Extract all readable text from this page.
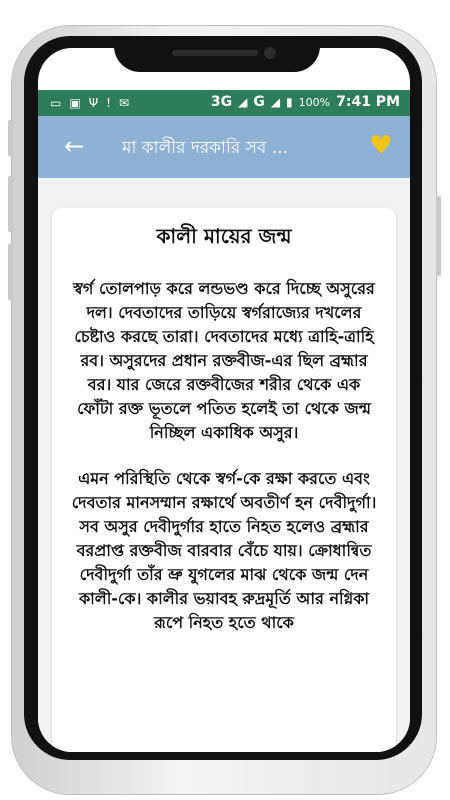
▭ ▣ Ψ ! ✉	3G ◢ G ◢ ▮ 100% 7:41 PM
← মা কালীর দরকারি সব ...	♥
কালী মায়ের জন্ম

স্বর্গ তোলপাড় করে লন্ডভণ্ড করে দিচ্ছে অসুরের দল। দেবতাদের তাড়িয়ে স্বর্গরাজ্যের দখলের চেষ্টাও করছে তারা। দেবতাদের মধ্যে ত্রাহি-ত্রাহি রব। অসুরদের প্রধান রক্তবীজ-এর ছিল ব্রহ্মার বর। যার জেরে রক্তবীজের শরীর থেকে এক ফোঁটা রক্ত ভূতলে পতিত হলেই তা থেকে জন্ম নিচ্ছিল একাধিক অসুর।

এমন পরিস্থিতি থেকে স্বর্গ-কে রক্ষা করতে এবং দেবতার মানসম্মান রক্ষার্থে অবতীর্ণ হন দেবীদুর্গা। সব অসুর দেবীদুর্গার হাতে নিহত হলেও ব্রহ্মার বরপ্রাপ্ত রক্তবীজ বারবার বেঁচে যায়। ক্রোধান্বিত দেবীদুর্গা তাঁর ভ্রু যুগলের মাঝ থেকে জন্ম দেন কালী-কে। কালীর ভয়াবহ রুদ্রমূর্তি আর নগ্নিকা রূপে নিহত হতে থাকে
